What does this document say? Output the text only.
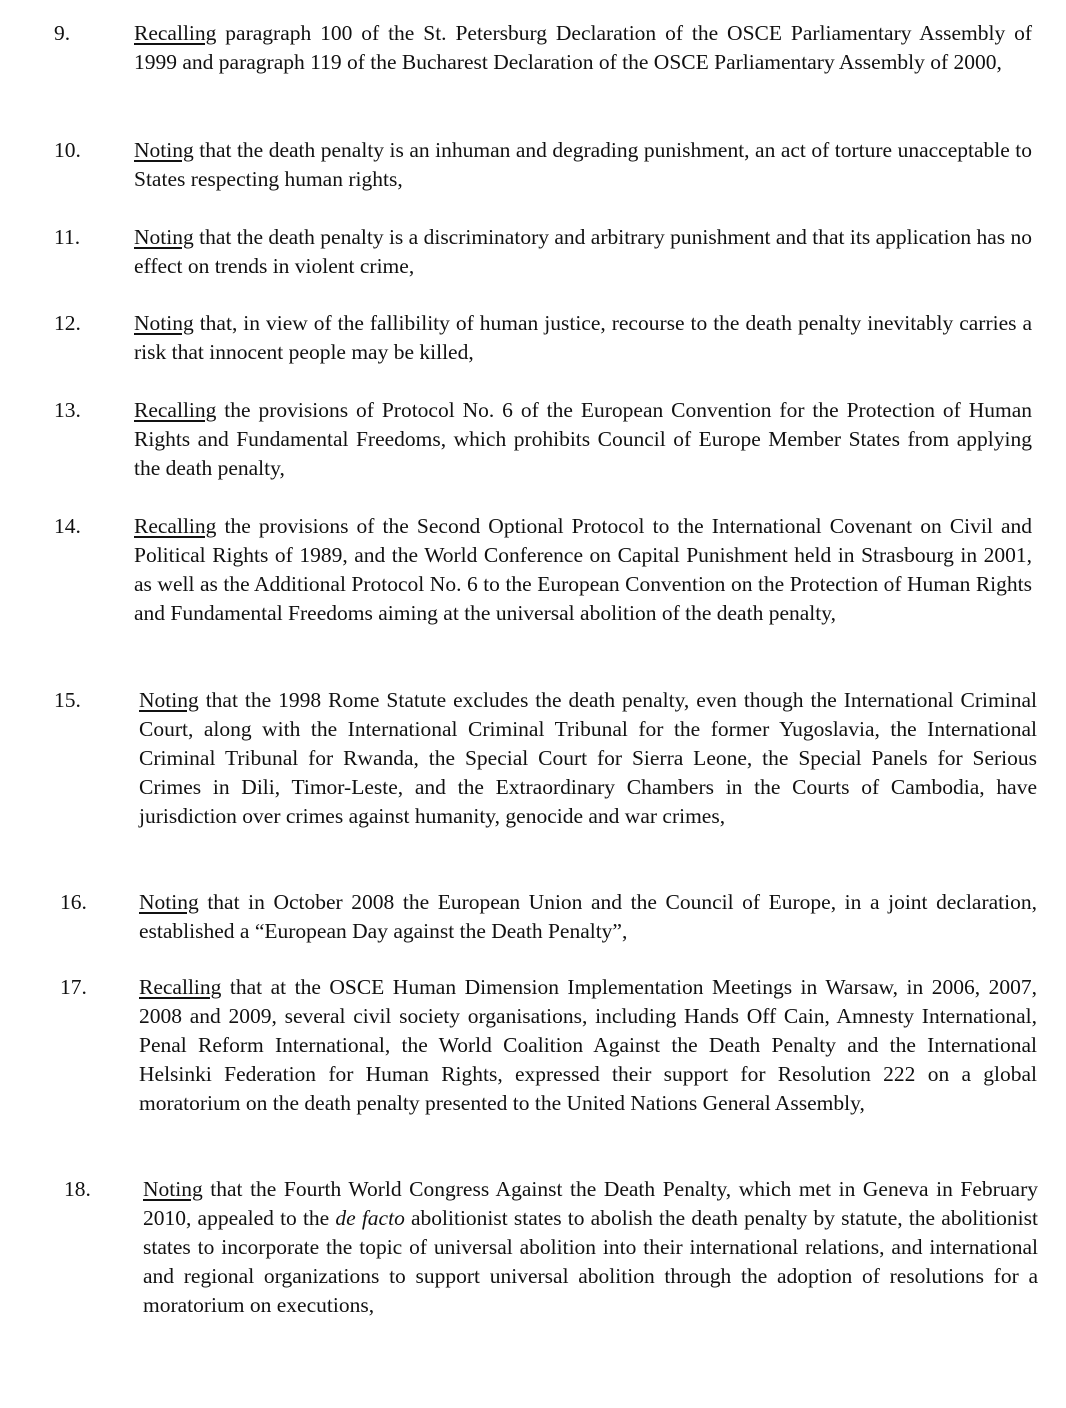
9.	Recalling paragraph 100 of the St. Petersburg Declaration of the OSCE Parliamentary Assembly of 1999 and paragraph 119 of the Bucharest Declaration of the OSCE Parliamentary Assembly of 2000,

10. Noting that the death penalty is an inhuman and degrading punishment, an act of torture unacceptable to States respecting human rights,

11.	Noting that the death penalty is a discriminatory and arbitrary punishment and that its application has no effect on trends in violent crime,

12. Noting that, in view of the fallibility of human justice, recourse to the death penalty inevitably carries a risk that innocent people may be killed,

13. Recalling the provisions of Protocol No. 6 of the European Convention for the Protection of Human Rights and Fundamental Freedoms, which prohibits Council of Europe Member States from applying the death penalty,

14. Recalling the provisions of the Second Optional Protocol to the International Covenant on Civil and Political Rights of 1989, and the World Conference on Capital Punishment held in Strasbourg in 2001, as well as the Additional Protocol No. 6 to the European Convention on the Protection of Human Rights and Fundamental Freedoms aiming at the universal abolition of the death penalty,

15.	Noting that the 1998 Rome Statute excludes the death penalty, even though the International Criminal Court, along with the International Criminal Tribunal for the former Yugoslavia, the International Criminal Tribunal for Rwanda, the Special Court for Sierra Leone, the Special Panels for Serious Crimes in Dili, Timor-Leste, and the Extraordinary Chambers in the Courts of Cambodia, have jurisdiction over crimes against humanity, genocide and war crimes,

16. Noting that in October 2008 the European Union and the Council of Europe, in a joint declaration, established a “European Day against the Death Penalty”,

17. Recalling that at the OSCE Human Dimension Implementation Meetings in Warsaw, in 2006, 2007, 2008 and 2009, several civil society organisations, including Hands Off Cain, Amnesty International, Penal Reform International, the World Coalition Against the Death Penalty and the International Helsinki Federation for Human Rights, expressed their support for Resolution 222 on a global moratorium on the death penalty presented to the United Nations General Assembly,

18. Noting that the Fourth World Congress Against the Death Penalty, which met in Geneva in February 2010, appealed to the de facto abolitionist states to abolish the death penalty by statute, the abolitionist states to incorporate the topic of universal abolition into their international relations, and international and regional organizations to support universal abolition through the adoption of resolutions for a moratorium on executions,
